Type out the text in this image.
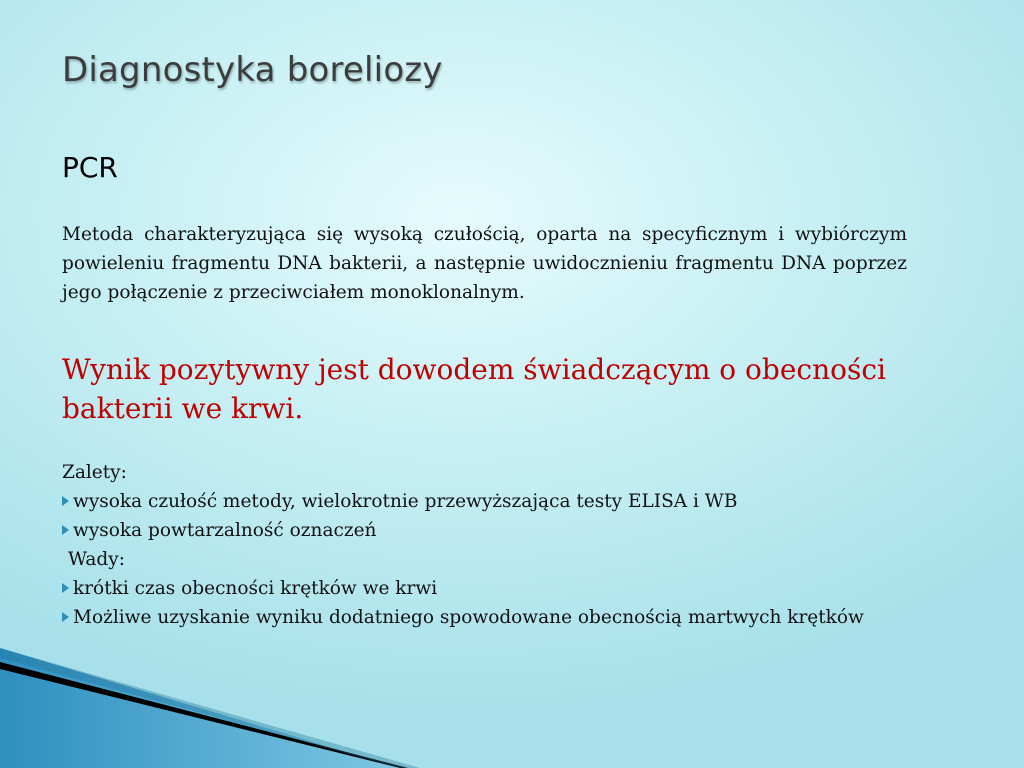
Diagnostyka boreliozy
PCR

Metoda charakteryzująca się wysoką czułością, oparta na specyficznym i wybiórczym powieleniu fragmentu DNA bakterii, a następnie uwidocznieniu fragmentu DNA poprzez jego połączenie z przeciwciałem monoklonalnym.

Wynik pozytywny jest dowodem świadczącym o obecności bakterii we krwi.

Zalety:

wysoka czułość metody, wielokrotnie przewyższająca testy ELISA i WB
wysoka powtarzalność oznaczeń

Wady:

krótki czas obecności krętków we krwi
Możliwe uzyskanie wyniku dodatniego spowodowane obecnością martwych krętków
